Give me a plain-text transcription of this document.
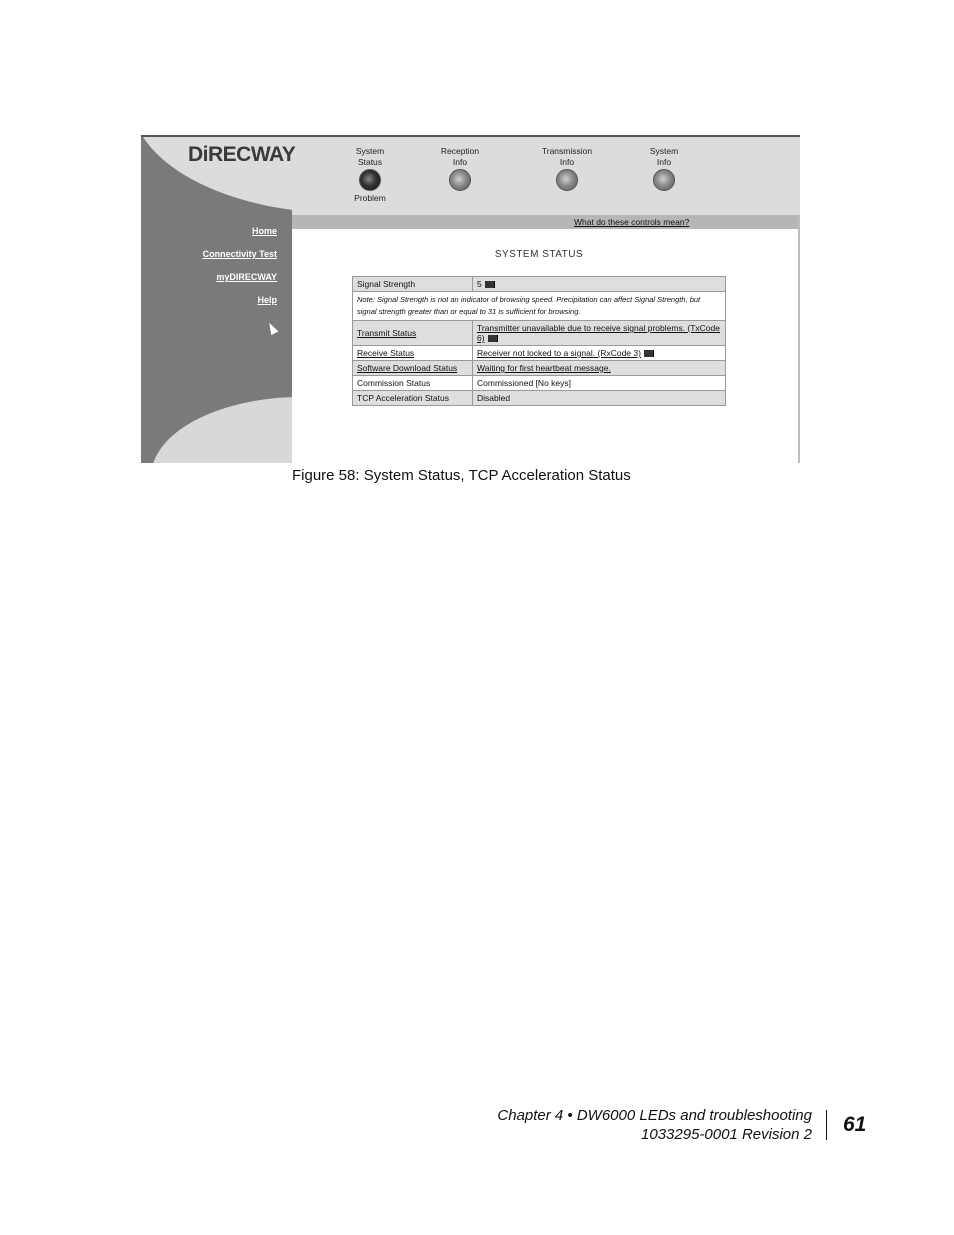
DiRECWAY	System
Status
Problem
Reception
Info
Transmission
Info
System
Info
Home
Connectivity Test
myDIRECWAY
Help
What do these controls mean?
SYSTEM STATUS
Signal Strength	5
Note: Signal Strength is not an indicator of browsing speed. Precipitation can affect Signal Strength, but signal strength greater than or equal to 31 is sufficient for browsing.	
Transmit Status	Transmitter unavailable due to receive signal problems. (TxCode 6)
Receive Status	Receiver not locked to a signal. (RxCode 3)
Software Download Status	Waiting for first heartbeat message.
Commission Status	Commissioned [No keys]
TCP Acceleration Status	Disabled
Figure 58: System Status, TCP Acceleration Status
Chapter 4 • DW6000 LEDs and troubleshooting
1033295-0001 Revision 2 61
